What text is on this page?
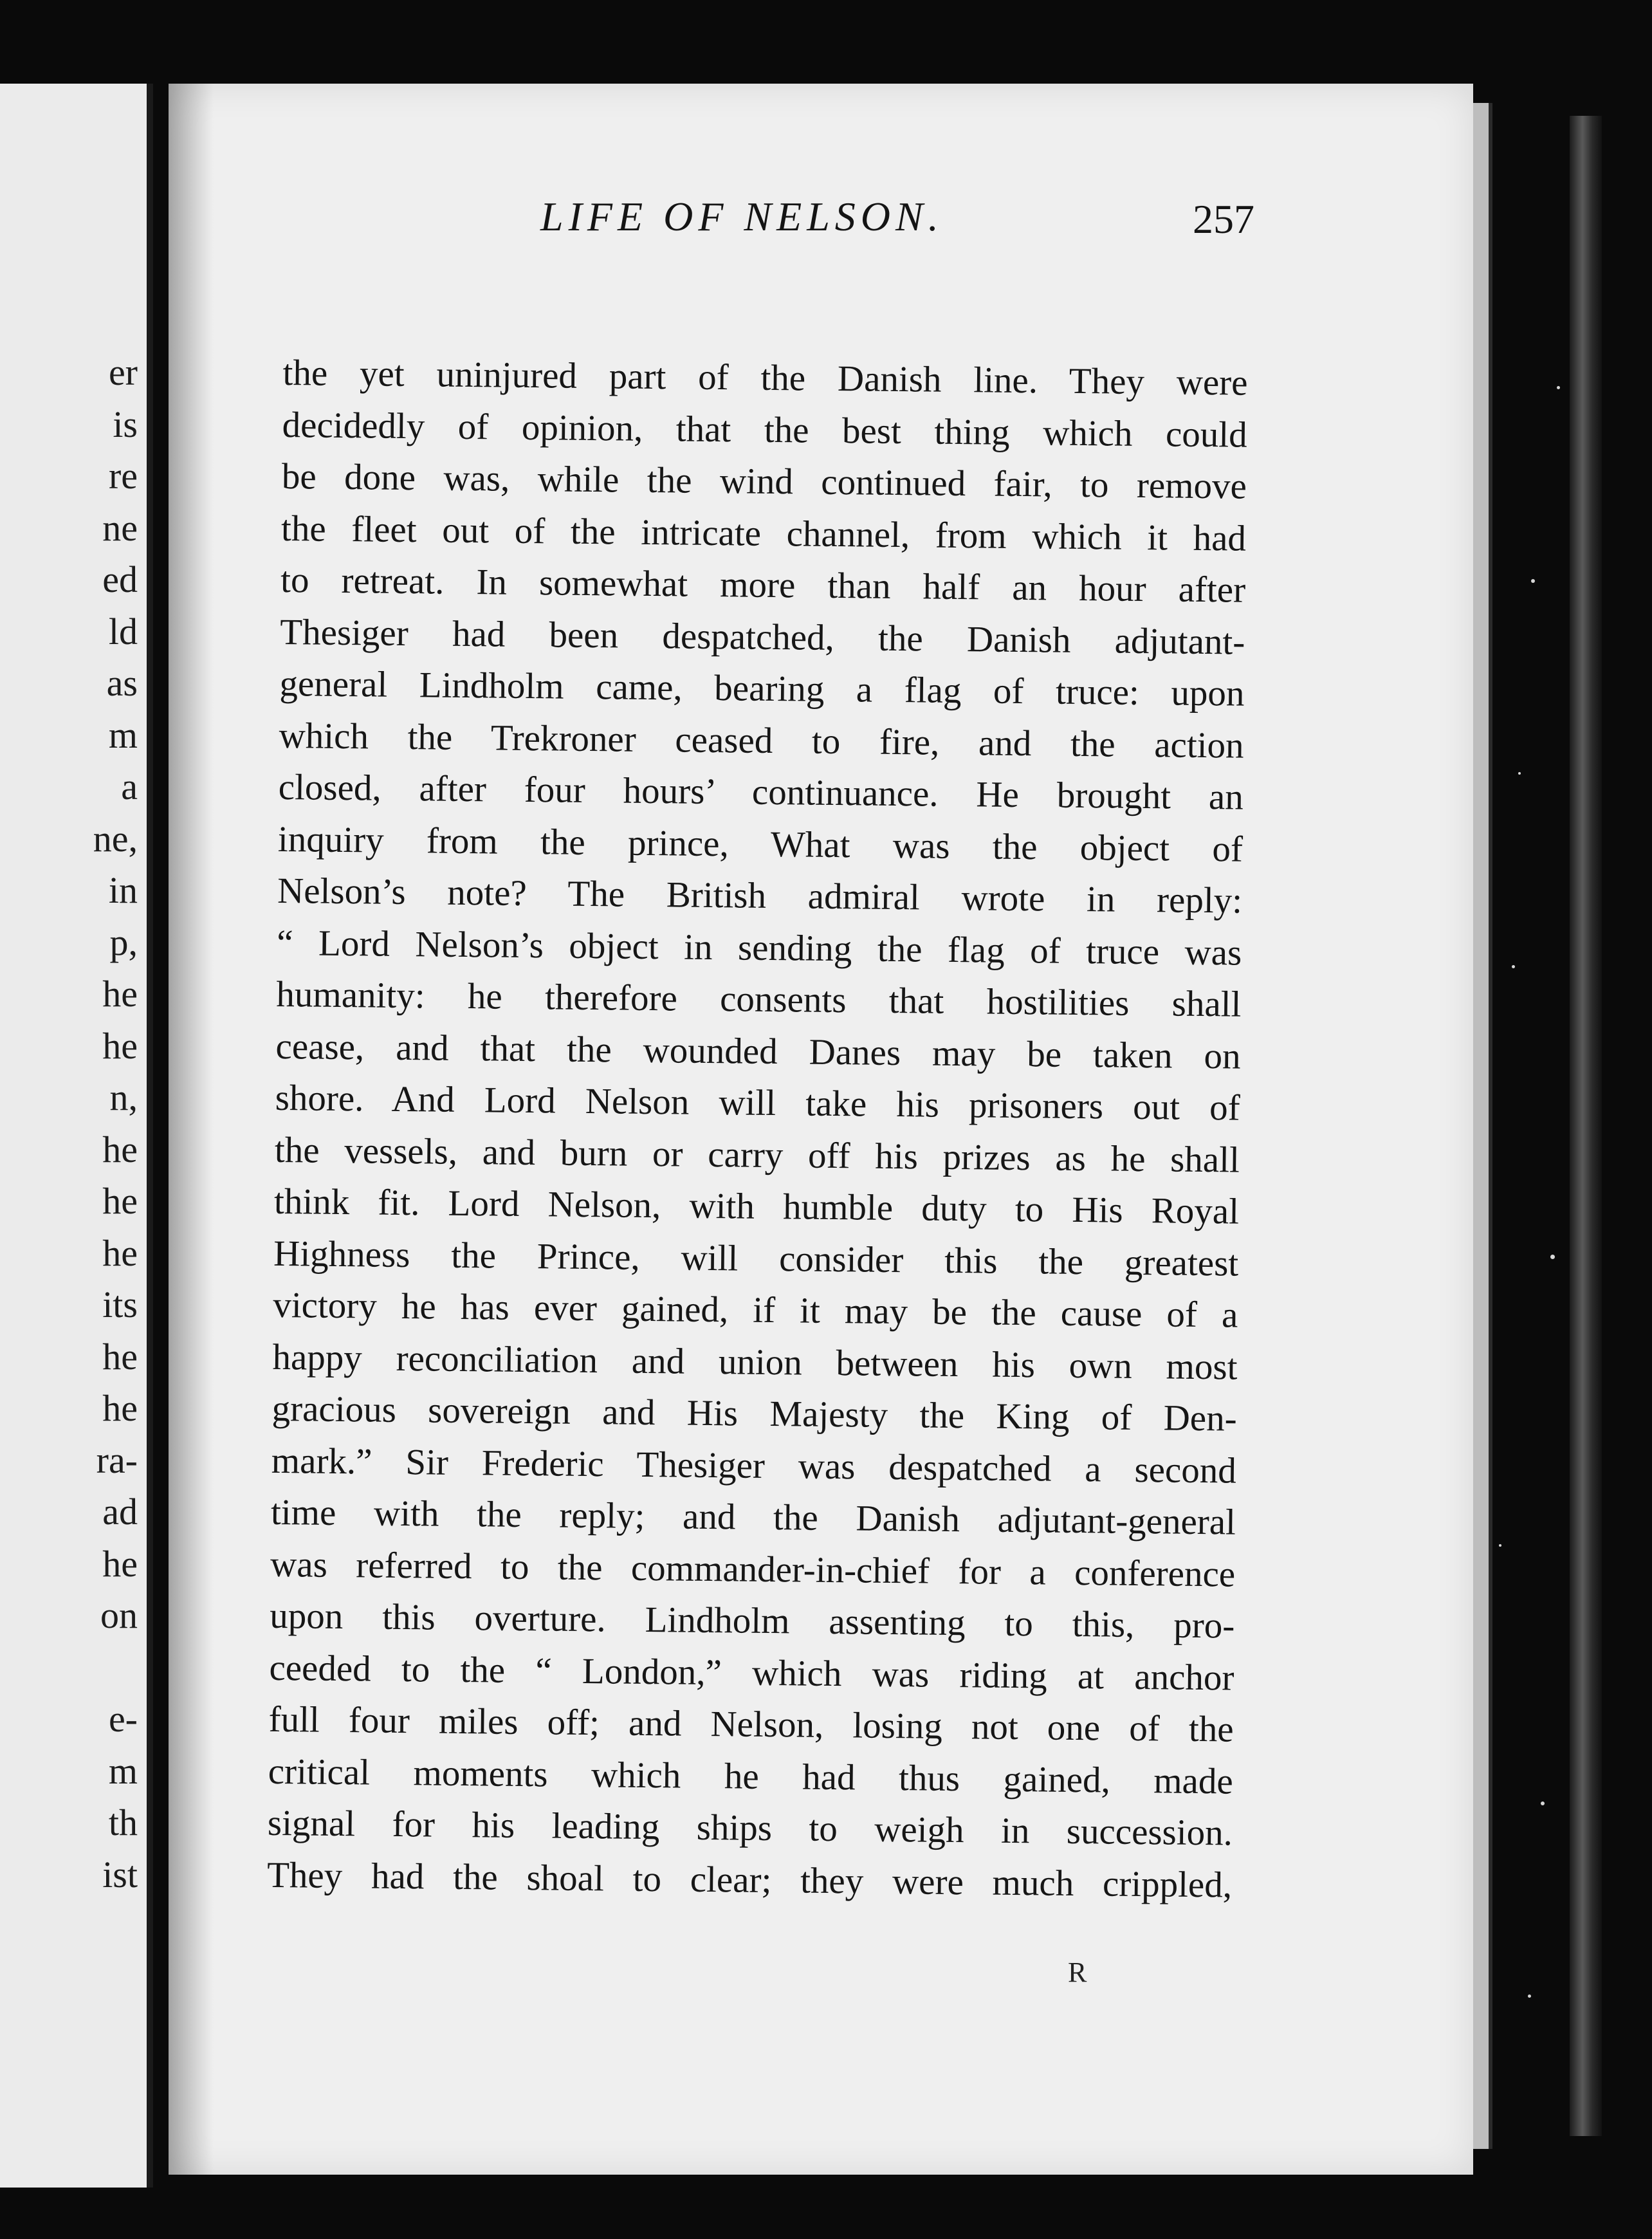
er
is
re
ne
ed
ld
as
m
a
ne,
in
p,
he
he
n,
he
he
he
its
he
he
ra-
ad
he
on
e-
m
th
ist
LIFE OF NELSON.	257
the yet uninjured part of the Danish line. They were
decidedly of opinion, that the best thing which could
be done was, while the wind continued fair, to remove
the fleet out of the intricate channel, from which it had
to retreat. In somewhat more than half an hour after
Thesiger had been despatched, the Danish adjutant-
general Lindholm came, bearing a flag of truce: upon
which the Trekroner ceased to fire, and the action
closed, after four hours’ continuance. He brought an
inquiry from the prince, What was the object of
Nelson’s note? The British admiral wrote in reply:
“ Lord Nelson’s object in sending the flag of truce was
humanity: he therefore consents that hostilities shall
cease, and that the wounded Danes may be taken on
shore. And Lord Nelson will take his prisoners out of
the vessels, and burn or carry off his prizes as he shall
think fit. Lord Nelson, with humble duty to His Royal
Highness the Prince, will consider this the greatest
victory he has ever gained, if it may be the cause of a
happy reconciliation and union between his own most
gracious sovereign and His Majesty the King of Den-
mark.” Sir Frederic Thesiger was despatched a second
time with the reply; and the Danish adjutant-general
was referred to the commander-in-chief for a conference
upon this overture. Lindholm assenting to this, pro-
ceeded to the “ London,” which was riding at anchor
full four miles off; and Nelson, losing not one of the
critical moments which he had thus gained, made
signal for his leading ships to weigh in succession.
They had the shoal to clear; they were much crippled,
R
